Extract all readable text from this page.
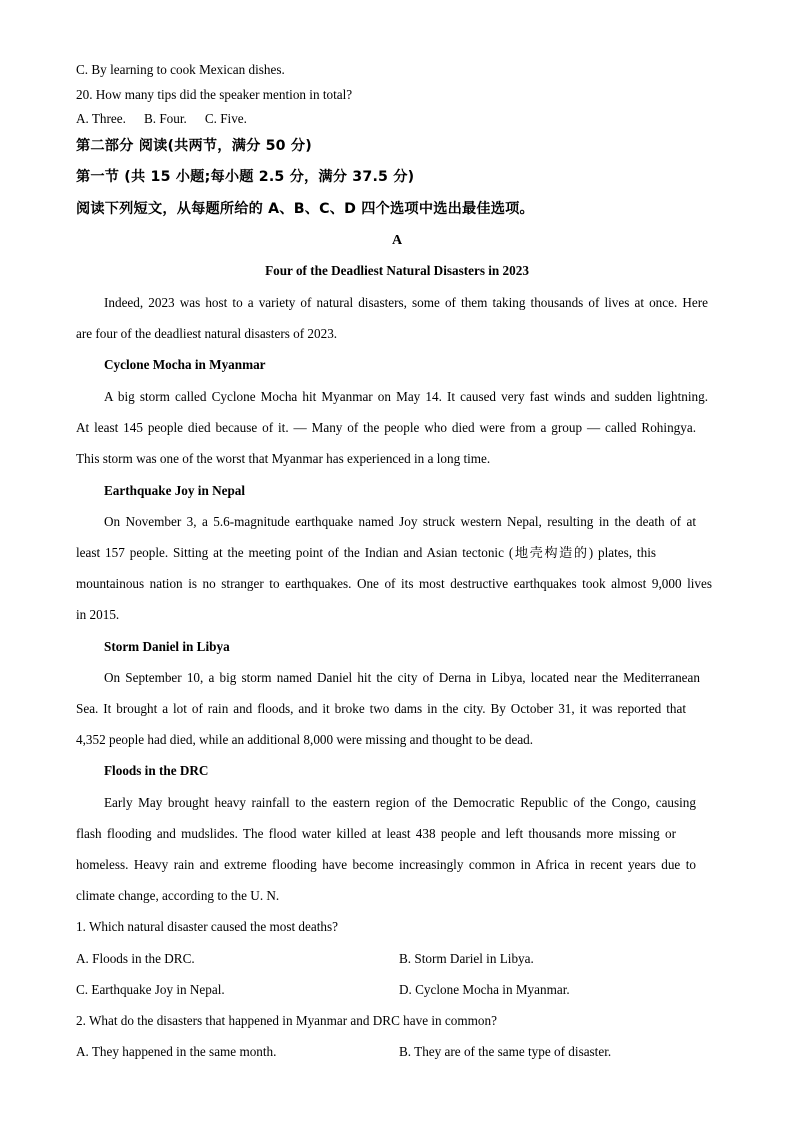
C. By learning to cook Mexican dishes.
20. How many tips did the speaker mention in total?
A. Three. B. Four. C. Five.
第二部分 阅读(共两节，满分 50 分)
第一节 (共 15 小题;每小题 2.5 分，满分 37.5 分)
阅读下列短文，从每题所给的 A、B、C、D 四个选项中选出最佳选项。
A
Four of the Deadliest Natural Disasters in 2023
Indeed, 2023 was host to a variety of natural disasters, some of them taking thousands of lives at once. Here
are four of the deadliest natural disasters of 2023.
Cyclone Mocha in Myanmar
A big storm called Cyclone Mocha hit Myanmar on May 14. It caused very fast winds and sudden lightning.
At least 145 people died because of it. — Many of the people who died were from a group — called Rohingya.
This storm was one of the worst that Myanmar has experienced in a long time.
Earthquake Joy in Nepal
On November 3, a 5.6-magnitude earthquake named Joy struck western Nepal, resulting in the death of at
least 157 people. Sitting at the meeting point of the Indian and Asian tectonic (地壳构造的) plates, this
mountainous nation is no stranger to earthquakes. One of its most destructive earthquakes took almost 9,000 lives
in 2015.
Storm Daniel in Libya
On September 10, a big storm named Daniel hit the city of Derna in Libya, located near the Mediterranean
Sea. It brought a lot of rain and floods, and it broke two dams in the city. By October 31, it was reported that
4,352 people had died, while an additional 8,000 were missing and thought to be dead.
Floods in the DRC
Early May brought heavy rainfall to the eastern region of the Democratic Republic of the Congo, causing
flash flooding and mudslides. The flood water killed at least 438 people and left thousands more missing or
homeless. Heavy rain and extreme flooding have become increasingly common in Africa in recent years due to
climate change, according to the U. N.
1. Which natural disaster caused the most deaths?
A. Floods in the DRC.	B. Storm Dariel in Libya.
C. Earthquake Joy in Nepal.	D. Cyclone Mocha in Myanmar.
2. What do the disasters that happened in Myanmar and DRC have in common?
A. They happened in the same month.	B. They are of the same type of disaster.
